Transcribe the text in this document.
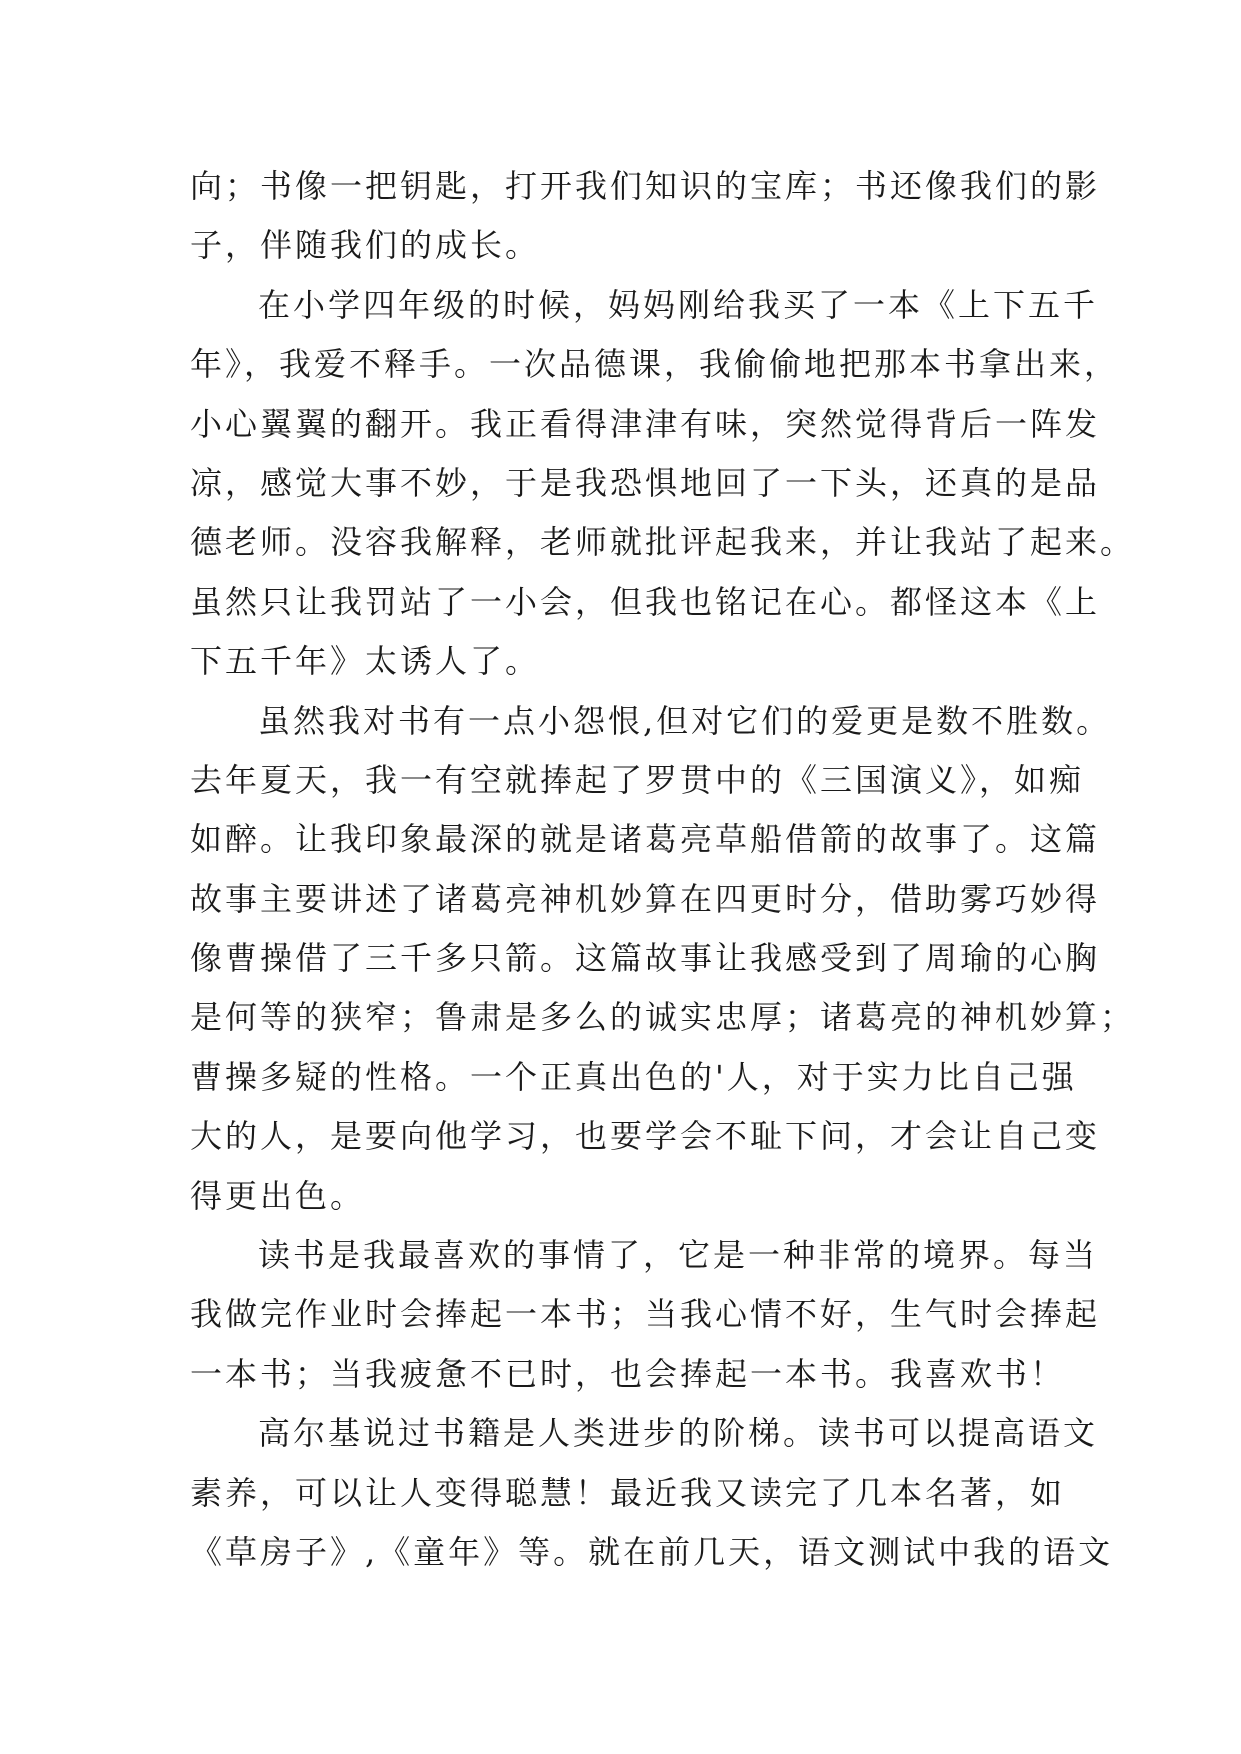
向；书像一把钥匙，打开我们知识的宝库；书还像我们的影
子，伴随我们的成长。
在小学四年级的时候，妈妈刚给我买了一本《上下五千
年》，我爱不释手。一次品德课，我偷偷地把那本书拿出来，
小心翼翼的翻开。我正看得津津有味，突然觉得背后一阵发
凉，感觉大事不妙，于是我恐惧地回了一下头，还真的是品
德老师。没容我解释，老师就批评起我来，并让我站了起来。
虽然只让我罚站了一小会，但我也铭记在心。都怪这本《上
下五千年》太诱人了。
虽然我对书有一点小怨恨,但对它们的爱更是数不胜数。
去年夏天，我一有空就捧起了罗贯中的《三国演义》，如痴
如醉。让我印象最深的就是诸葛亮草船借箭的故事了。这篇
故事主要讲述了诸葛亮神机妙算在四更时分，借助雾巧妙得
像曹操借了三千多只箭。这篇故事让我感受到了周瑜的心胸
是何等的狭窄；鲁肃是多么的诚实忠厚；诸葛亮的神机妙算；
曹操多疑的性格。一个正真出色的'人，对于实力比自己强
大的人，是要向他学习，也要学会不耻下问，才会让自己变
得更出色。
读书是我最喜欢的事情了，它是一种非常的境界。每当
我做完作业时会捧起一本书；当我心情不好，生气时会捧起
一本书；当我疲惫不已时，也会捧起一本书。我喜欢书！
高尔基说过书籍是人类进步的阶梯。读书可以提高语文
素养，可以让人变得聪慧！最近我又读完了几本名著，如
《草房子》,《童年》等。就在前几天，语文测试中我的语文
